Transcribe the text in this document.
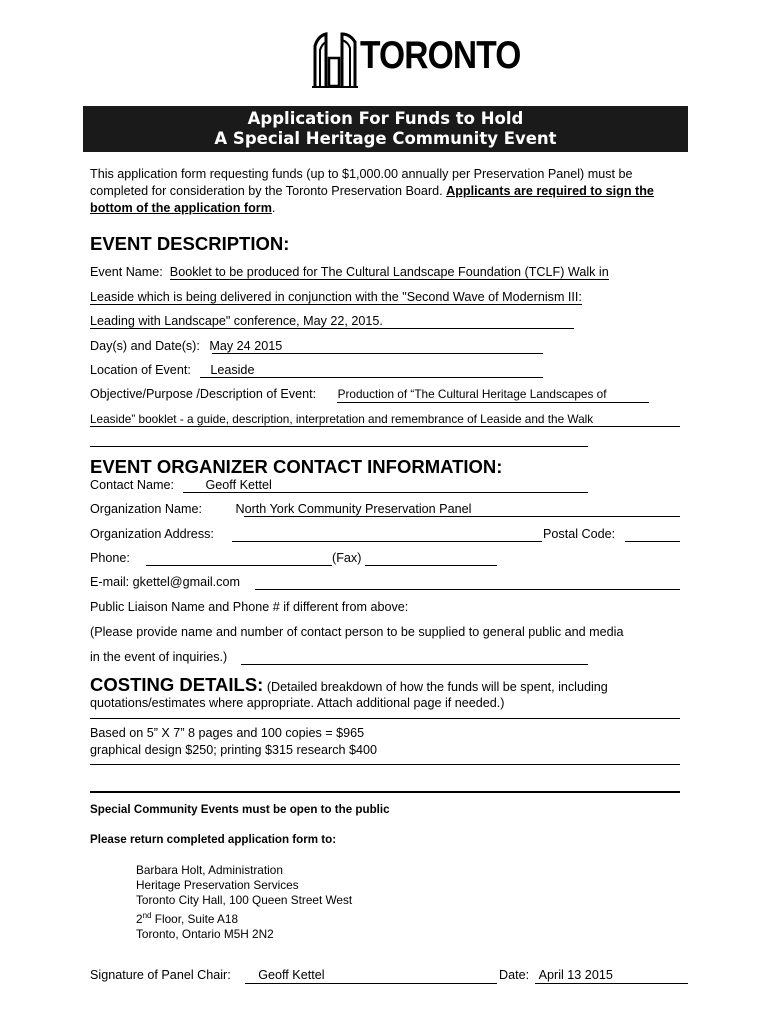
TORONTO
Application For Funds to Hold
A Special Heritage Community Event
This application form requesting funds (up to $1,000.00 annually per Preservation Panel) must be completed for consideration by the Toronto Preservation Board. Applicants are required to sign the bottom of the application form.
EVENT DESCRIPTION:
Event Name: Booklet to be produced for The Cultural Landscape Foundation (TCLF) Walk in
Leaside which is being delivered in conjunction with the "Second Wave of Modernism III:
Leading with Landscape" conference, May 22, 2015.
Day(s) and Date(s): May 24 2015
Location of Event: Leaside
Objective/Purpose /Description of Event: Production of “The Cultural Heritage Landscapes of
Leaside” booklet - a guide, description, interpretation and remembrance of Leaside and the Walk
EVENT ORGANIZER CONTACT INFORMATION:
Contact Name:	Geoff Kettel
Organization Name:	North York Community Preservation Panel
Organization Address:	Postal Code:
Phone:	(Fax)
E-mail: gkettel@gmail.com
Public Liaison Name and Phone # if different from above:
(Please provide name and number of contact person to be supplied to general public and media
in the event of inquiries.)
COSTING DETAILS: (Detailed breakdown of how the funds will be spent, including
quotations/estimates where appropriate. Attach additional page if needed.)
Based on 5” X 7” 8 pages and 100 copies = $965
graphical design $250; printing $315 research $400
Special Community Events must be open to the public
Please return completed application form to:
Barbara Holt, Administration
Heritage Preservation Services
Toronto City Hall, 100 Queen Street West
2nd Floor, Suite A18
Toronto, Ontario M5H 2N2
Signature of Panel Chair: Geoff Kettel	Date: April 13 2015
